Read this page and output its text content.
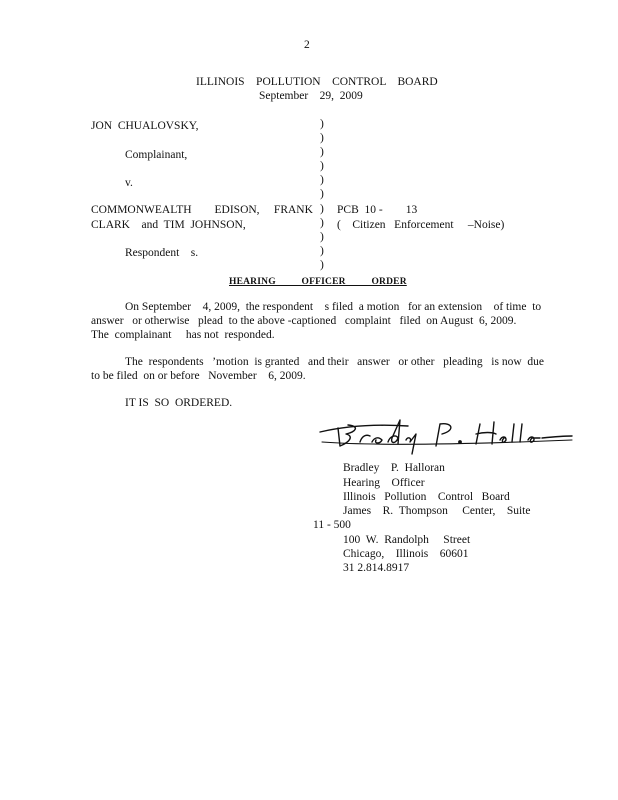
2
ILLINOIS    POLLUTION    CONTROL    BOARD
September    29,  2009
JON  CHUALOVSKY,
Complainant,
v.
COMMONWEALTH        EDISON,     FRANK
CLARK    and  TIM  JOHNSON,
Respondent    s.
)
)
)
)
)
)
)
)
)
)
)
PCB  10 -        13
(    Citizen   Enforcement     –Noise)
HEARING          OFFICER          ORDER
On September    4, 2009,  the respondent    s filed  a motion   for an extension    of time  to
answer   or otherwise   plead  to the above -captioned   complaint   filed  on August  6, 2009.
The  complainant     has not  responded.
The  respondents   ’motion  is granted   and their   answer   or other   pleading   is now  due
to be filed  on or before   November    6, 2009.
IT IS  SO  ORDERED.
Bradley    P.  Halloran
Hearing    Officer
Illinois   Pollution    Control   Board
James    R.  Thompson     Center,    Suite
11 - 500
100  W.  Randolph     Street
Chicago,    Illinois    60601
31 2.814.8917
